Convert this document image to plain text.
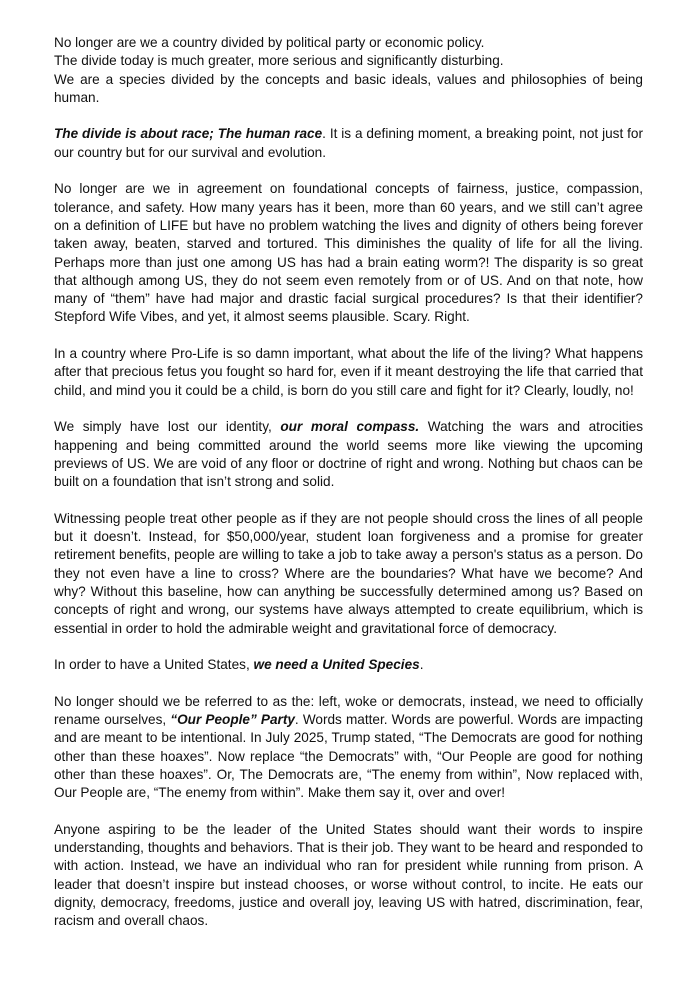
No longer are we a country divided by political party or economic policy.
The divide today is much greater, more serious and significantly disturbing.
We are a species divided by the concepts and basic ideals, values and philosophies of being human.

The divide is about race; The human race. It is a defining moment, a breaking point, not just for our country but for our survival and evolution.

No longer are we in agreement on foundational concepts of fairness, justice, compassion, tolerance, and safety. How many years has it been, more than 60 years, and we still can’t agree on a definition of LIFE but have no problem watching the lives and dignity of others being forever taken away, beaten, starved and tortured. This diminishes the quality of life for all the living. Perhaps more than just one among US has had a brain eating worm?! The disparity is so great that although among US, they do not seem even remotely from or of US. And on that note, how many of “them” have had major and drastic facial surgical procedures? Is that their identifier? Stepford Wife Vibes, and yet, it almost seems plausible. Scary. Right.

In a country where Pro-Life is so damn important, what about the life of the living? What happens after that precious fetus you fought so hard for, even if it meant destroying the life that carried that child, and mind you it could be a child, is born do you still care and fight for it? Clearly, loudly, no!

We simply have lost our identity, our moral compass. Watching the wars and atrocities happening and being committed around the world seems more like viewing the upcoming previews of US. We are void of any floor or doctrine of right and wrong. Nothing but chaos can be built on a foundation that isn’t strong and solid.

Witnessing people treat other people as if they are not people should cross the lines of all people but it doesn’t. Instead, for $50,000/year, student loan forgiveness and a promise for greater retirement benefits, people are willing to take a job to take away a person's status as a person. Do they not even have a line to cross? Where are the boundaries? What have we become? And why? Without this baseline, how can anything be successfully determined among us? Based on concepts of right and wrong, our systems have always attempted to create equilibrium, which is essential in order to hold the admirable weight and gravitational force of democracy.

In order to have a United States, we need a United Species.

No longer should we be referred to as the: left, woke or democrats, instead, we need to officially rename ourselves, “Our People” Party. Words matter. Words are powerful. Words are impacting and are meant to be intentional. In July 2025, Trump stated, “The Democrats are good for nothing other than these hoaxes”. Now replace “the Democrats” with, “Our People are good for nothing other than these hoaxes”. Or, The Democrats are, “The enemy from within”, Now replaced with, Our People are, “The enemy from within”. Make them say it, over and over!

Anyone aspiring to be the leader of the United States should want their words to inspire understanding, thoughts and behaviors. That is their job. They want to be heard and responded to with action. Instead, we have an individual who ran for president while running from prison. A leader that doesn’t inspire but instead chooses, or worse without control, to incite. He eats our dignity, democracy, freedoms, justice and overall joy, leaving US with hatred, discrimination, fear, racism and overall chaos.
